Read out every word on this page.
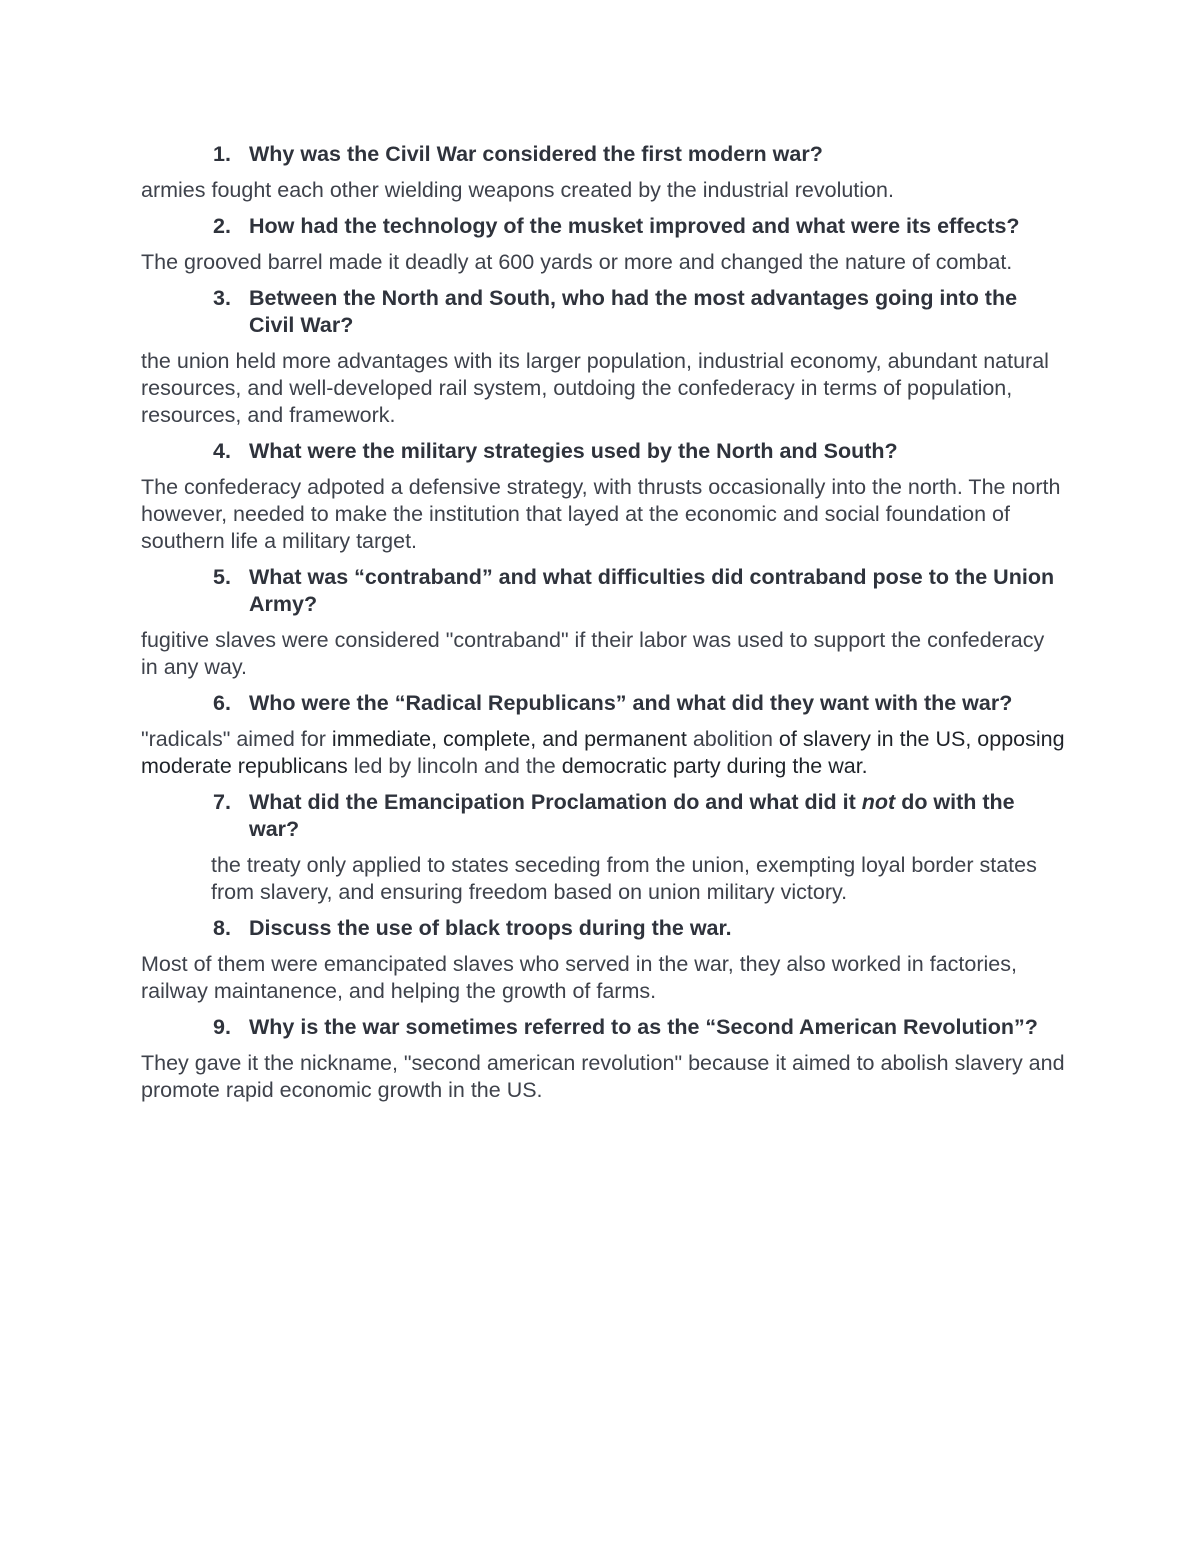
1. Why was the Civil War considered the first modern war?

armies fought each other wielding weapons created by the industrial revolution.

2. How had the technology of the musket improved and what were its effects?

The grooved barrel made it deadly at 600 yards or more and changed the nature of combat.

3. Between the North and South, who had the most advantages going into the Civil War?

the union held more advantages with its larger population, industrial economy, abundant natural resources, and well-developed rail system, outdoing the confederacy in terms of population, resources, and framework.

4. What were the military strategies used by the North and South?

The confederacy adpoted a defensive strategy, with thrusts occasionally into the north. The north however, needed to make the institution that layed at the economic and social foundation of southern life a military target.

5. What was “contraband” and what difficulties did contraband pose to the Union Army?

fugitive slaves were considered "contraband" if their labor was used to support the confederacy in any way.

6. Who were the “Radical Republicans” and what did they want with the war?

"radicals" aimed for immediate, complete, and permanent abolition of slavery in the US, opposing moderate republicans led by lincoln and the democratic party during the war.

7. What did the Emancipation Proclamation do and what did it not do with the war?

the treaty only applied to states seceding from the union, exempting loyal border states from slavery, and ensuring freedom based on union military victory.

8. Discuss the use of black troops during the war.

Most of them were emancipated slaves who served in the war, they also worked in factories, railway maintanence, and helping the growth of farms.

9. Why is the war sometimes referred to as the “Second American Revolution”?

They gave it the nickname, "second american revolution" because it aimed to abolish slavery and promote rapid economic growth in the US.
